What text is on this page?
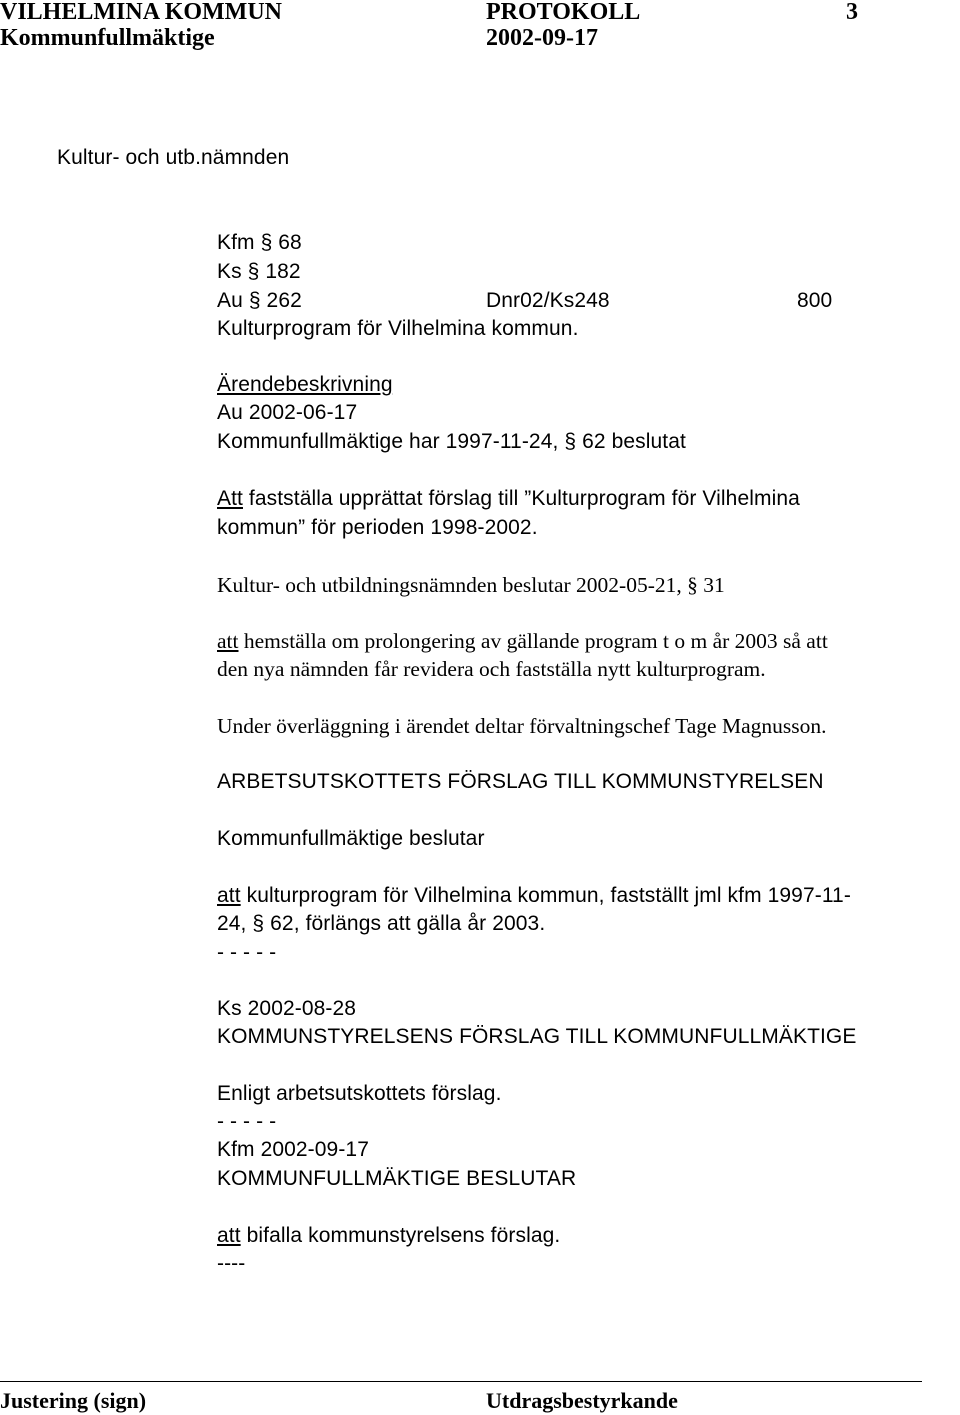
VILHELMINA KOMMUN	PROTOKOLL	3
Kommunfullmäktige	2002-09-17
Kultur- och utb.nämnden
Kfm § 68
Ks § 182
Au § 262	Dnr02/Ks248	800
Kulturprogram för Vilhelmina kommun.
Ärendebeskrivning
Au 2002-06-17
Kommunfullmäktige har 1997-11-24, § 62 beslutat
Att fastställa upprättat förslag till ”Kulturprogram för Vilhelmina
kommun” för perioden 1998-2002.
Kultur- och utbildningsnämnden beslutar 2002-05-21, § 31
att hemställa om prolongering av gällande program t o m år 2003 så att
den nya nämnden får revidera och fastställa nytt kulturprogram.
Under överläggning i ärendet deltar förvaltningschef Tage Magnusson.
ARBETSUTSKOTTETS FÖRSLAG TILL KOMMUNSTYRELSEN
Kommunfullmäktige beslutar
att kulturprogram för Vilhelmina kommun, fastställt jml kfm 1997-11-
24, § 62, förlängs att gälla år 2003.
- - - - -
Ks 2002-08-28
KOMMUNSTYRELSENS FÖRSLAG TILL KOMMUNFULLMÄKTIGE
Enligt arbetsutskottets förslag.
- - - - -
Kfm 2002-09-17
KOMMUNFULLMÄKTIGE BESLUTAR
att bifalla kommunstyrelsens förslag.
----
Justering (sign)	Utdragsbestyrkande
